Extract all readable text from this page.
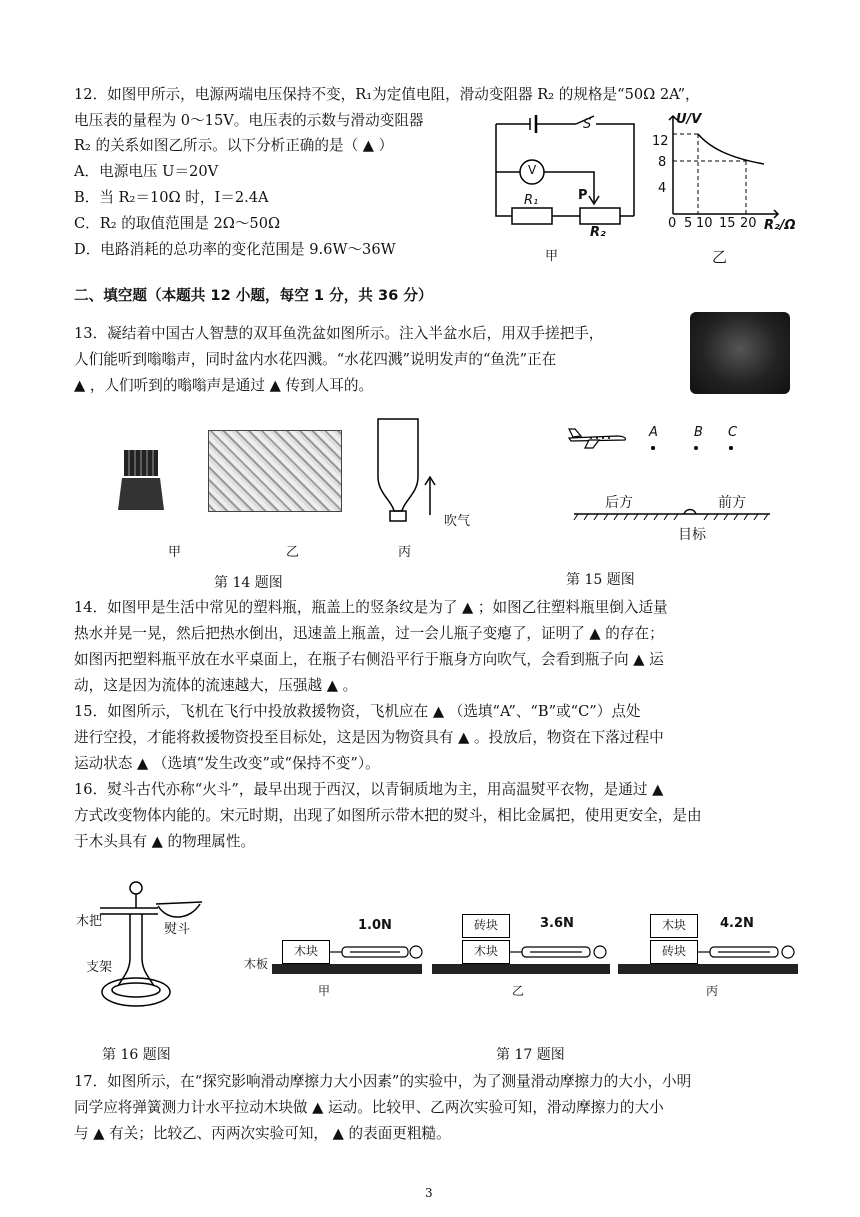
12．如图甲所示，电源两端电压保持不变，R₁为定值电阻，滑动变阻器 R₂ 的规格是“50Ω 2A”，
电压表的量程为 0～15V。电压表的示数与滑动变阻器
R₂ 的关系如图乙所示。以下分析正确的是（ ▲ ）
A．电源电压 U＝20V
B．当 R₂＝10Ω 时，I＝2.4A
C．R₂ 的取值范围是 2Ω～50Ω
D．电路消耗的总功率的变化范围是 9.6W～36W
S
V
R₁	P
R₂
甲
U/V
12
8
4
0 5 10 15 20 R₂/Ω
乙
二、填空题（本题共 12 小题，每空 1 分，共 36 分）
13．凝结着中国古人智慧的双耳鱼洗盆如图所示。注入半盆水后，用双手搓把手，
人们能听到嗡嗡声，同时盆内水花四溅。“水花四溅”说明发声的“鱼洗”正在
▲ ，人们听到的嗡嗡声是通过 ▲ 传到人耳的。
吹气
甲	乙	丙
第 14 题图
A	B C
后方	前方
目标
第 15 题图
14．如图甲是生活中常见的塑料瓶，瓶盖上的竖条纹是为了 ▲ ；如图乙往塑料瓶里倒入适量
热水并晃一晃，然后把热水倒出，迅速盖上瓶盖，过一会儿瓶子变瘪了，证明了 ▲ 的存在；
如图丙把塑料瓶平放在水平桌面上，在瓶子右侧沿平行于瓶身方向吹气，会看到瓶子向 ▲ 运
动，这是因为流体的流速越大，压强越 ▲ 。
15．如图所示，飞机在飞行中投放救援物资，飞机应在 ▲ （选填“A”、“B”或“C”）点处
进行空投，才能将救援物资投至目标处，这是因为物资具有 ▲ 。投放后，物资在下落过程中
运动状态 ▲ （选填“发生改变”或“保持不变”）。
16．熨斗古代亦称“火斗”，最早出现于西汉，以青铜质地为主，用高温熨平衣物，是通过 ▲
方式改变物体内能的。宋元时期，出现了如图所示带木把的熨斗，相比金属把，使用更安全，是由
于木头具有 ▲ 的物理属性。
木把
熨斗
支架
第 16 题图
木块
1.0N
木板
甲
砖块
木块
3.6N
乙
木块
砖块
4.2N
丙
第 17 题图
17．如图所示，在“探究影响滑动摩擦力大小因素”的实验中，为了测量滑动摩擦力的大小，小明
同学应将弹簧测力计水平拉动木块做 ▲ 运动。比较甲、乙两次实验可知，滑动摩擦力的大小
与 ▲ 有关；比较乙、丙两次实验可知， ▲ 的表面更粗糙。
3
